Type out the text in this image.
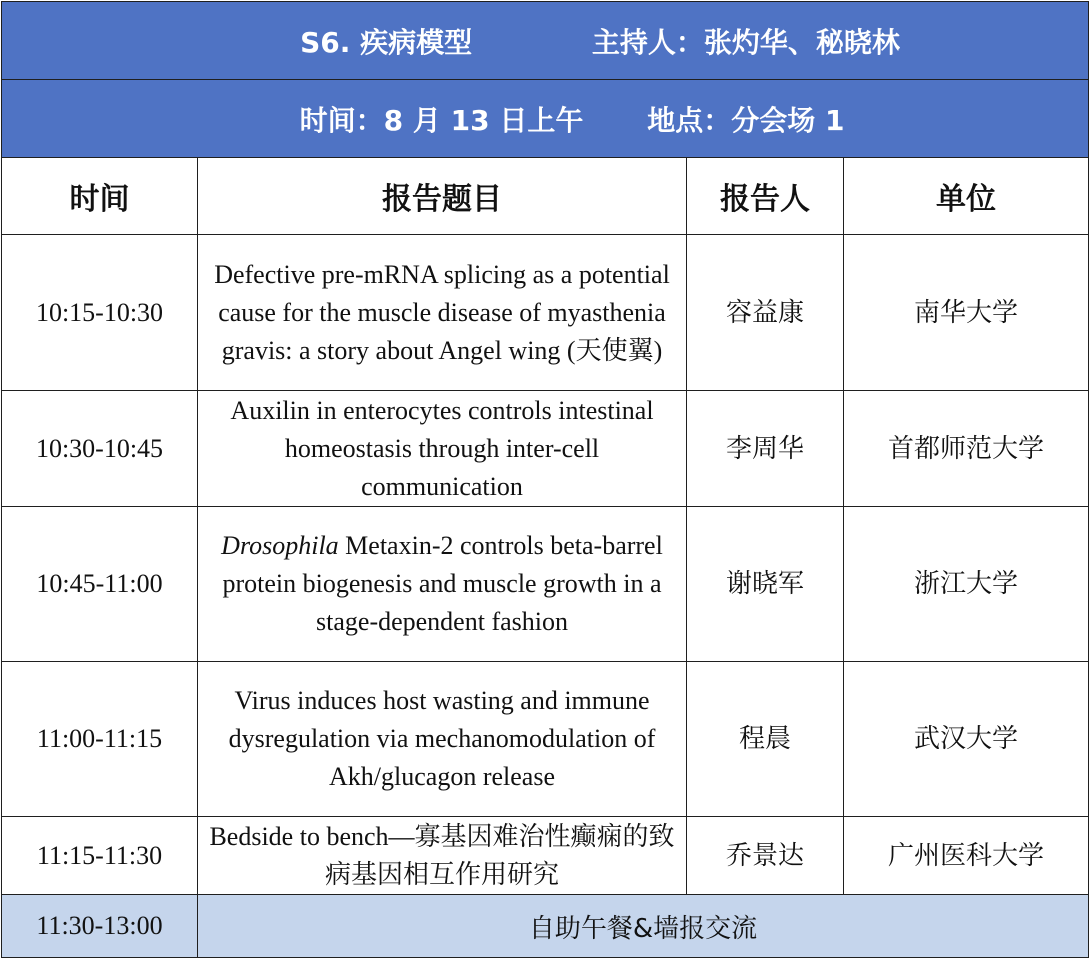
S6. 疾病模型 主持人：张灼华、秘晓林			
时间：8 月 13 日上午 地点：分会场 1			
时间	报告题目	报告人	单位
10:15-10:30	Defective pre-mRNA splicing as a potential cause for the muscle disease of myasthenia gravis: a story about Angel wing (天使翼)	容益康	南华大学
10:30-10:45	Auxilin in enterocytes controls intestinal homeostasis through inter-cell communication	李周华	首都师范大学
10:45-11:00	Drosophila Metaxin-2 controls beta-barrel protein biogenesis and muscle growth in a stage-dependent fashion	谢晓军	浙江大学
11:00-11:15	Virus induces host wasting and immune dysregulation via mechanomodulation of Akh/glucagon release	程晨	武汉大学
11:15-11:30	Bedside to bench—寡基因难治性癫痫的致病基因相互作用研究	乔景达	广州医科大学
11:30-13:00	自助午餐&墙报交流		
